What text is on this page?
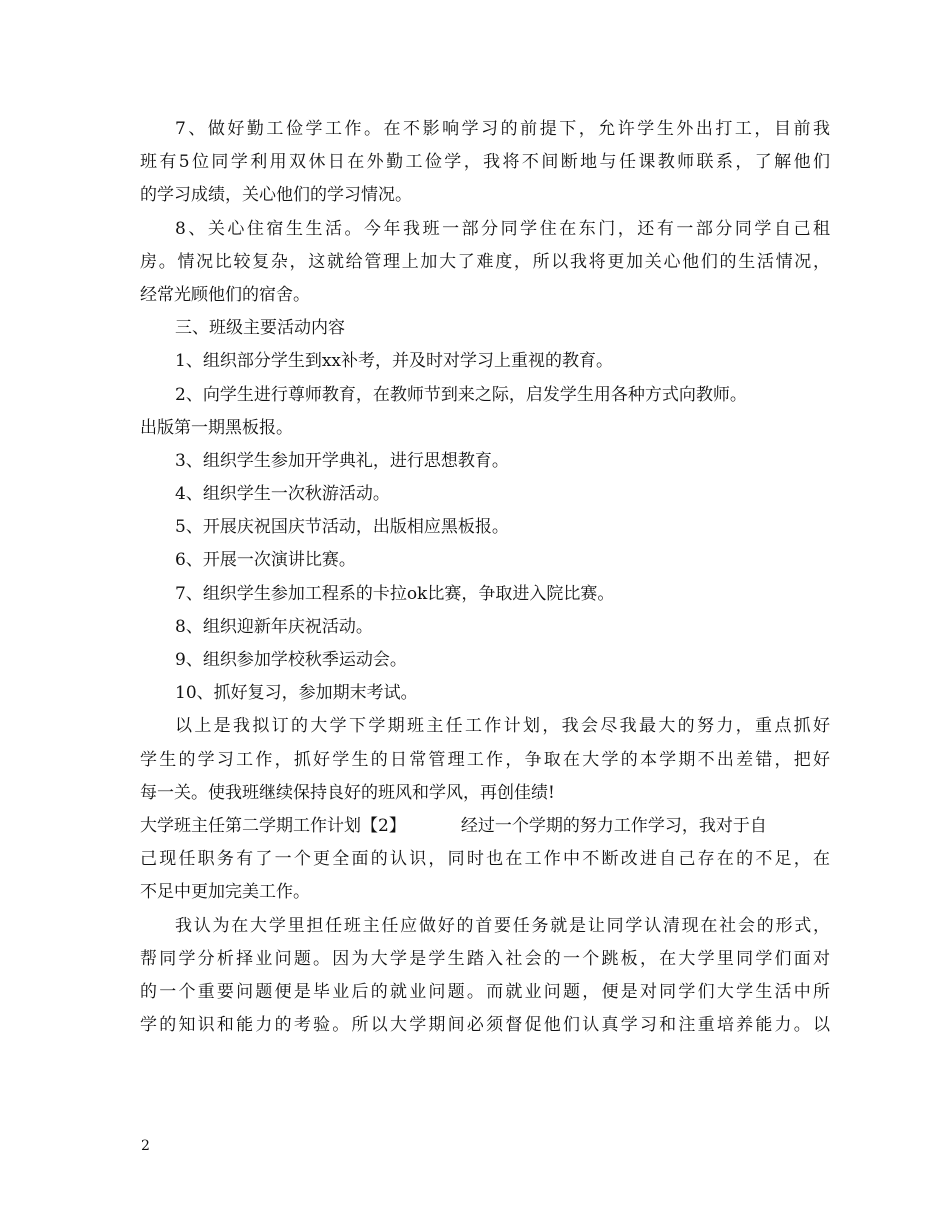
7、做好勤工俭学工作。在不影响学习的前提下，允许学生外出打工，目前我
班有5位同学利用双休日在外勤工俭学，我将不间断地与任课教师联系，了解他们
的学习成绩，关心他们的学习情况。
8、关心住宿生生活。今年我班一部分同学住在东门，还有一部分同学自己租
房。情况比较复杂，这就给管理上加大了难度，所以我将更加关心他们的生活情况，
经常光顾他们的宿舍。
三、班级主要活动内容
1、组织部分学生到xx补考，并及时对学习上重视的教育。
2、向学生进行尊师教育，在教师节到来之际，启发学生用各种方式向教师。
出版第一期黑板报。
3、组织学生参加开学典礼，进行思想教育。
4、组织学生一次秋游活动。
5、开展庆祝国庆节活动，出版相应黑板报。
6、开展一次演讲比赛。
7、组织学生参加工程系的卡拉ok比赛，争取进入院比赛。
8、组织迎新年庆祝活动。
9、组织参加学校秋季运动会。
10、抓好复习，参加期末考试。
以上是我拟订的大学下学期班主任工作计划，我会尽我最大的努力，重点抓好
学生的学习工作，抓好学生的日常管理工作，争取在大学的本学期不出差错，把好
每一关。使我班继续保持良好的班风和学风，再创佳绩!
大学班主任第二学期工作计划【2】	经过一个学期的努力工作学习，我对于自
己现任职务有了一个更全面的认识，同时也在工作中不断改进自己存在的不足，在
不足中更加完美工作。
我认为在大学里担任班主任应做好的首要任务就是让同学认清现在社会的形式，
帮同学分析择业问题。因为大学是学生踏入社会的一个跳板，在大学里同学们面对
的一个重要问题便是毕业后的就业问题。而就业问题，便是对同学们大学生活中所
学的知识和能力的考验。所以大学期间必须督促他们认真学习和注重培养能力。以
2
